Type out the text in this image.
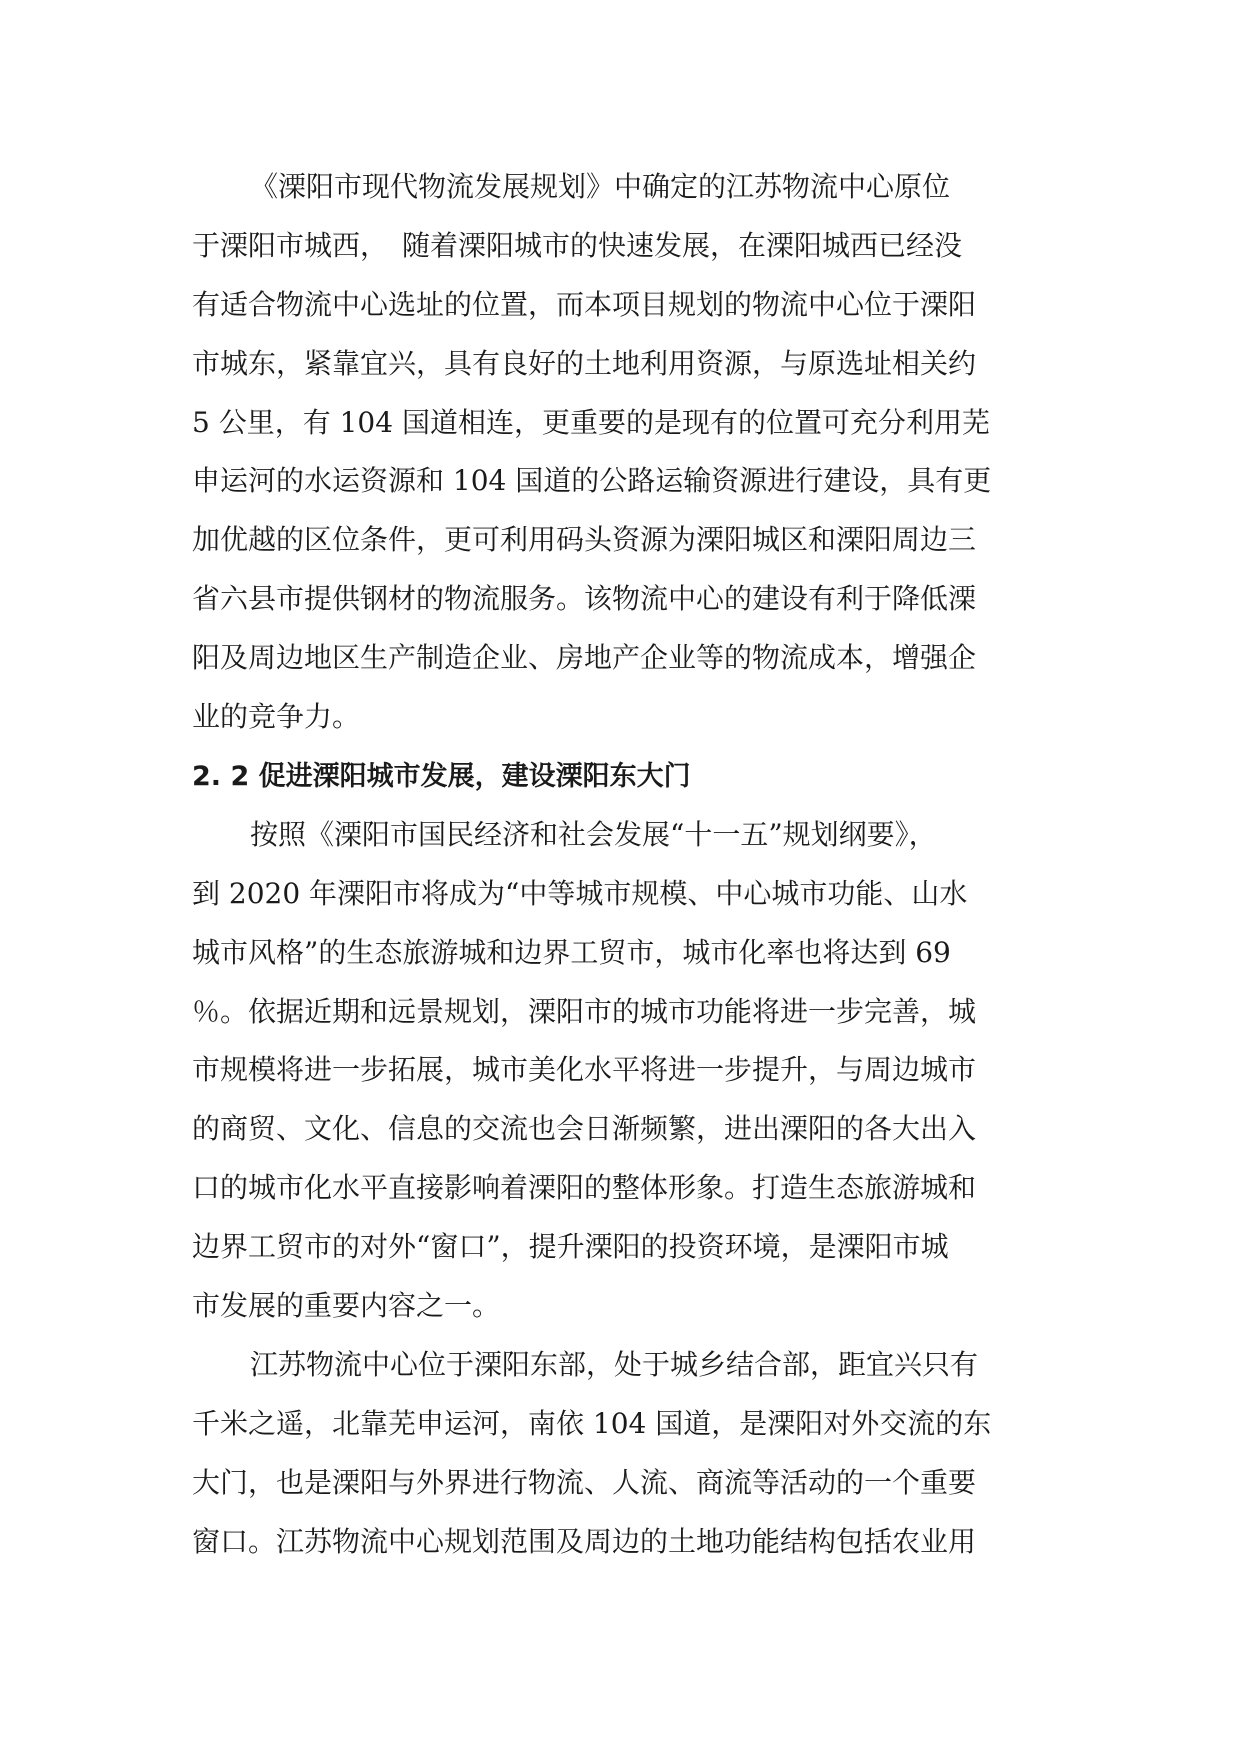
《溧阳市现代物流发展规划》中确定的江苏物流中心原位
于溧阳市城西，　随着溧阳城市的快速发展，在溧阳城西已经没
有适合物流中心选址的位置，而本项目规划的物流中心位于溧阳
市城东，紧靠宜兴，具有良好的土地利用资源，与原选址相关约
5 公里，有 104 国道相连，更重要的是现有的位置可充分利用芜
申运河的水运资源和 104 国道的公路运输资源进行建设，具有更
加优越的区位条件，更可利用码头资源为溧阳城区和溧阳周边三
省六县市提供钢材的物流服务。该物流中心的建设有利于降低溧
阳及周边地区生产制造企业、房地产企业等的物流成本，增强企
业的竞争力。
2. 2 促进溧阳城市发展，建设溧阳东大门
按照《溧阳市国民经济和社会发展“十一五”规划纲要》，
到 2020 年溧阳市将成为“中等城市规模、中心城市功能、山水
城市风格”的生态旅游城和边界工贸市，城市化率也将达到 69
％。依据近期和远景规划，溧阳市的城市功能将进一步完善，城
市规模将进一步拓展，城市美化水平将进一步提升，与周边城市
的商贸、文化、信息的交流也会日渐频繁，进出溧阳的各大出入
口的城市化水平直接影响着溧阳的整体形象。打造生态旅游城和
边界工贸市的对外“窗口”，提升溧阳的投资环境，是溧阳市城
市发展的重要内容之一。
江苏物流中心位于溧阳东部，处于城乡结合部，距宜兴只有
千米之遥，北靠芜申运河，南依 104 国道，是溧阳对外交流的东
大门，也是溧阳与外界进行物流、人流、商流等活动的一个重要
窗口。江苏物流中心规划范围及周边的土地功能结构包括农业用
